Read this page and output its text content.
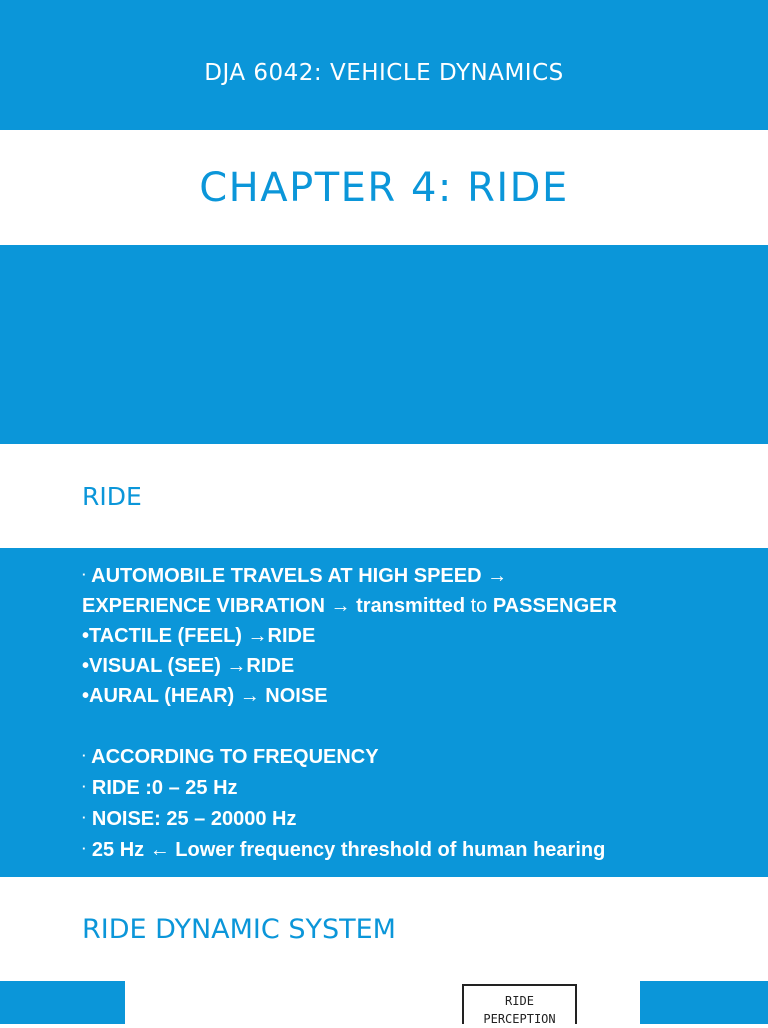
DJA 6042: VEHICLE DYNAMICS
CHAPTER 4: RIDE
RIDE
· AUTOMOBILE TRAVELS AT HIGH SPEED →
EXPERIENCE VIBRATION → transmitted to PASSENGER
•TACTILE (FEEL) →RIDE
•VISUAL (SEE) →RIDE
•AURAL (HEAR) → NOISE
· ACCORDING TO FREQUENCY
· RIDE :0 – 25 Hz
· NOISE: 25 – 20000 Hz
· 25 Hz ← Lower frequency threshold of human hearing
RIDE DYNAMIC SYSTEM
RIDE
PERCEPTION
